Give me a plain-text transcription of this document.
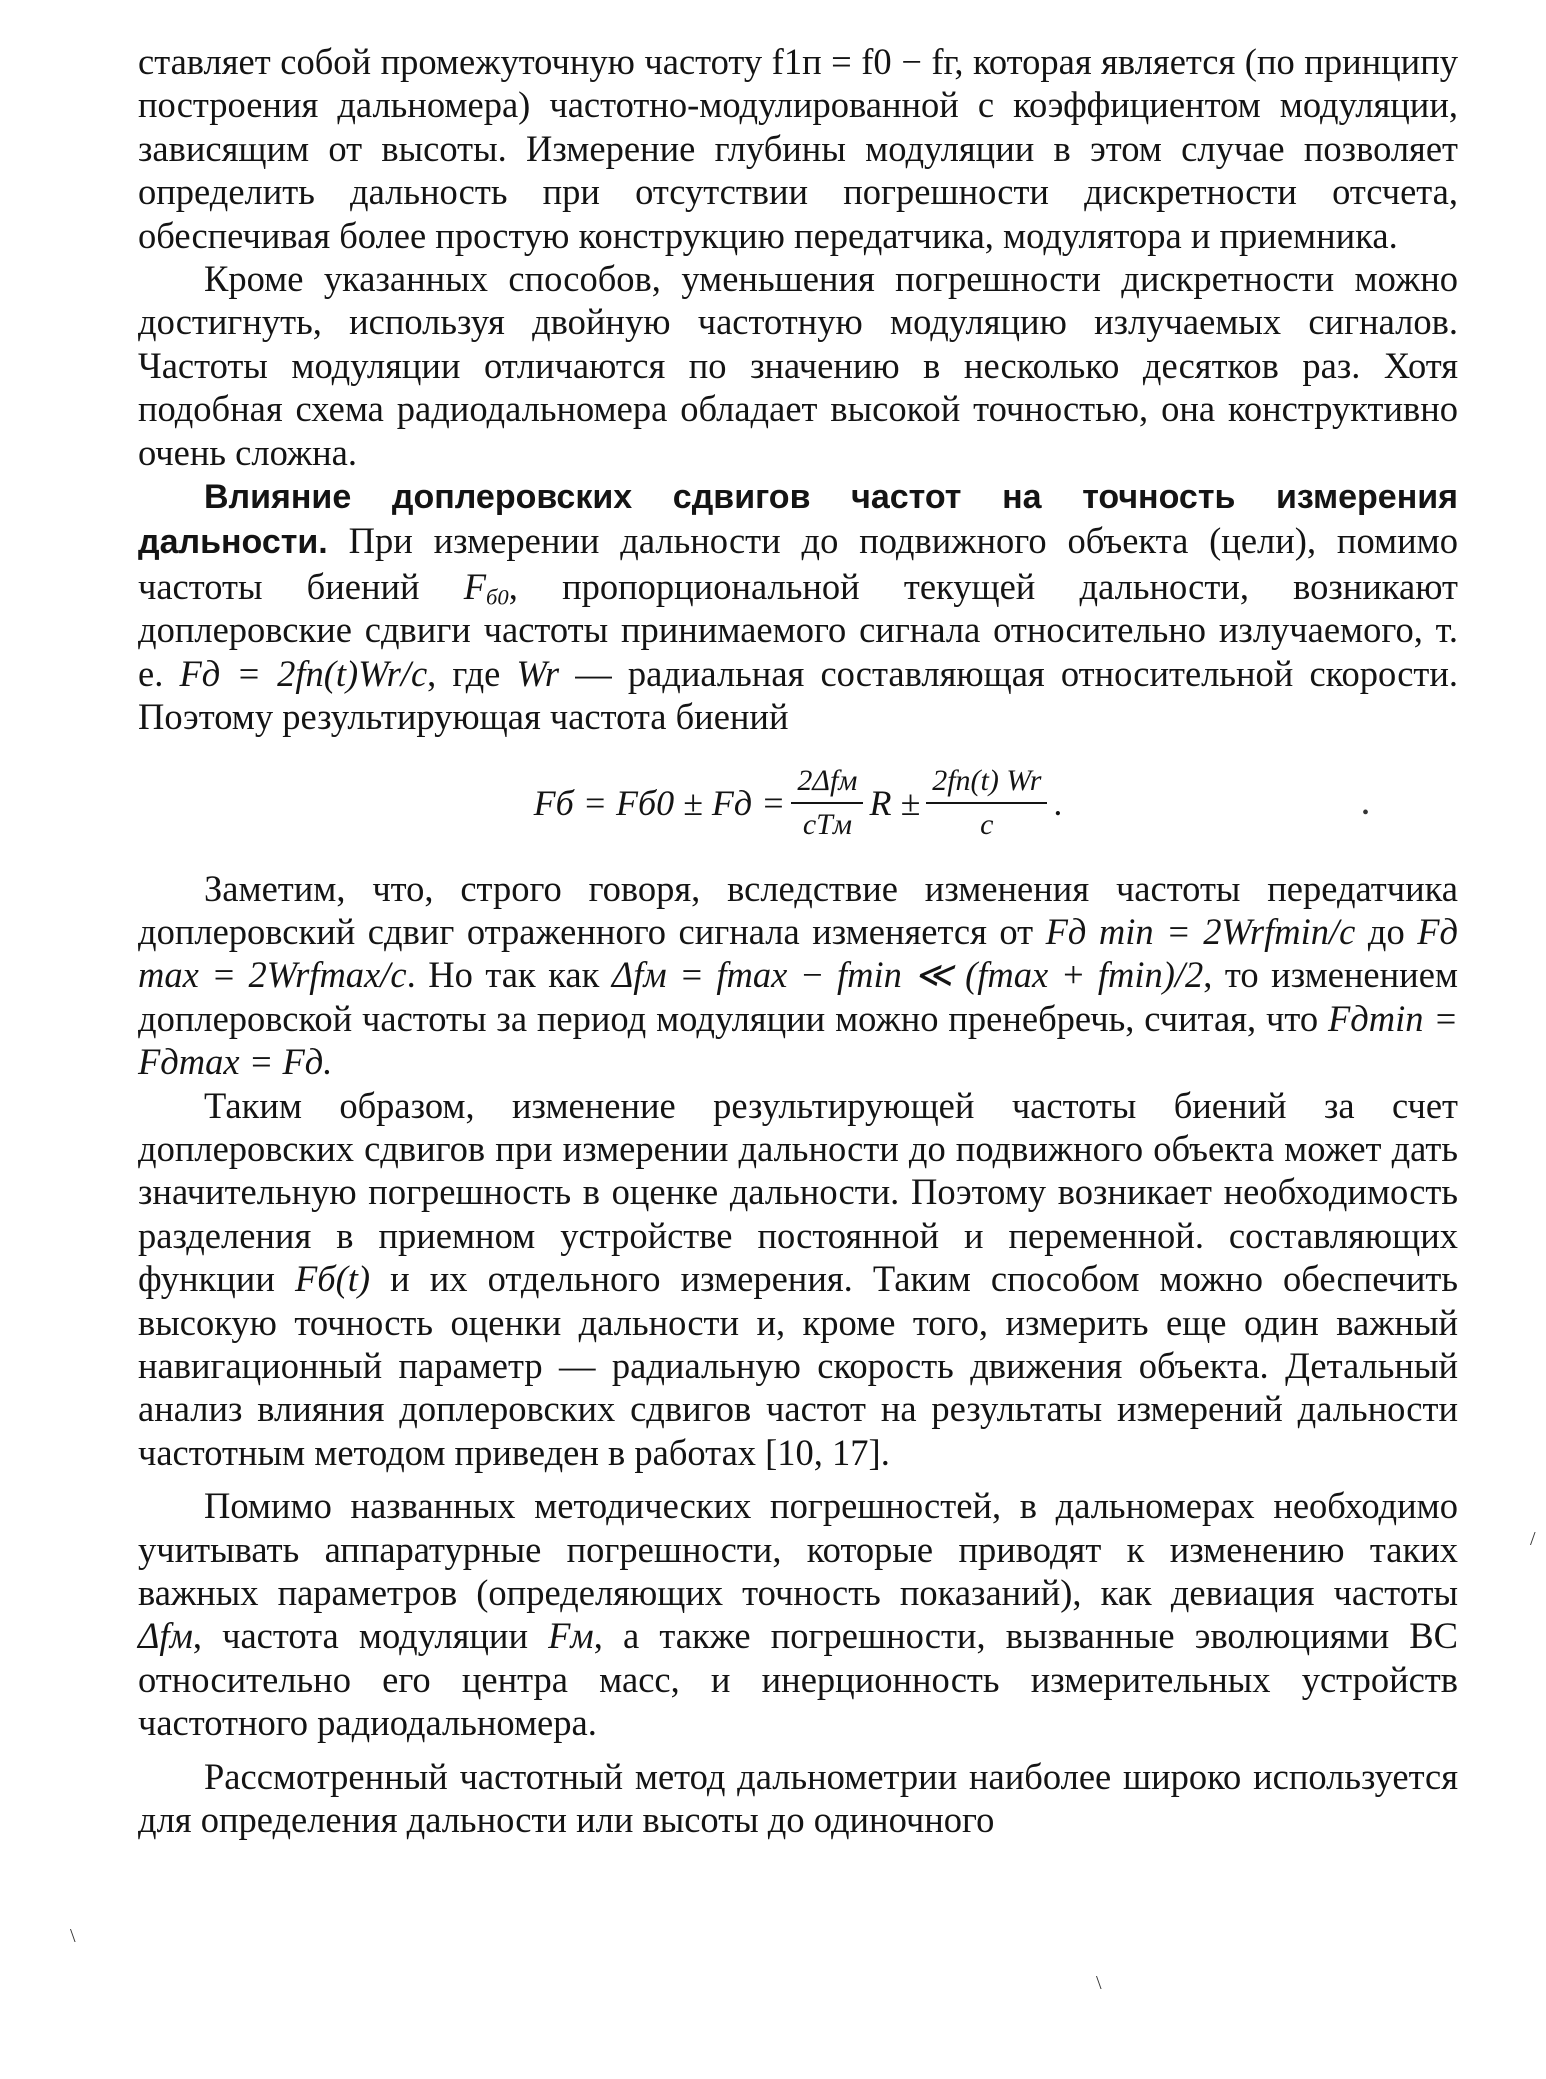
ставляет собой промежуточную частоту f1п = f0 − fг, которая является (по принципу построения дальномера) частотно-модулированной с коэффициентом модуляции, зависящим от высоты. Измерение глубины модуляции в этом случае позволяет определить дальность при отсутствии погрешности дискретности отсчета, обеспечивая более простую конструкцию передатчика, модулятора и приемника.

Кроме указанных способов, уменьшения погрешности дискретности можно достигнуть, используя двойную частотную модуляцию излучаемых сигналов. Частоты модуляции отличаются по значению в несколько десятков раз. Хотя подобная схема радиодальномера обладает высокой точностью, она конструктивно очень сложна.

Влияние доплеровских сдвигов частот на точность измерения дальности. При измерении дальности до подвижного объекта (цели), помимо частоты биений $F_{б0}$, пропорциональной текущей дальности, возникают доплеровские сдвиги частоты принимаемого сигнала относительно излучаемого, т. е. Fд = 2fп(t)Wr/c, где Wr — радиальная составляющая относительной скорости. Поэтому результирующая частота биений

Fб = Fб0 ± Fд = $\frac{\text{2Δfм}}{\text{cTм}}$ $R \pm \frac{2fп(t) Wr}{c}$ .

Заметим, что, строго говоря, вследствие изменения частоты передатчика доплеровский сдвиг отраженного сигнала изменяется от Fд min = 2Wrfmin/c до Fд max = 2Wrfmax/c. Но так как Δfм = fmax − fmin ≪ (fmax + fmin)/2, то изменением доплеровской частоты за период модуляции можно пренебречь, считая, что Fдmin = Fдmax = Fд.

Таким образом, изменение результирующей частоты биений за счет доплеровских сдвигов при измерении дальности до подвижного объекта может дать значительную погрешность в оценке дальности. Поэтому возникает необходимость разделения в приемном устройстве постоянной и переменной. составляющих функции Fб(t) и их отдельного измерения. Таким способом можно обеспечить высокую точность оценки дальности и, кроме того, измерить еще один важный навигационный параметр — радиальную скорость движения объекта. Детальный анализ влияния доплеровских сдвигов частот на результаты измерений дальности частотным методом приведен в работах [10, 17].

Помимо названных методических погрешностей, в дальномерах необходимо учитывать аппаратурные погрешности, которые приводят к изменению таких важных параметров (определяющих точность показаний), как девиация частоты Δfм, частота модуляции Fм, а также погрешности, вызванные эволюциями ВС относительно его центра масс, и инерционность измерительных устройств частотного радиодальномера.

Рассмотренный частотный метод дальнометрии наиболее широко используется для определения дальности или высоты до одиночного

•
\
\
/
